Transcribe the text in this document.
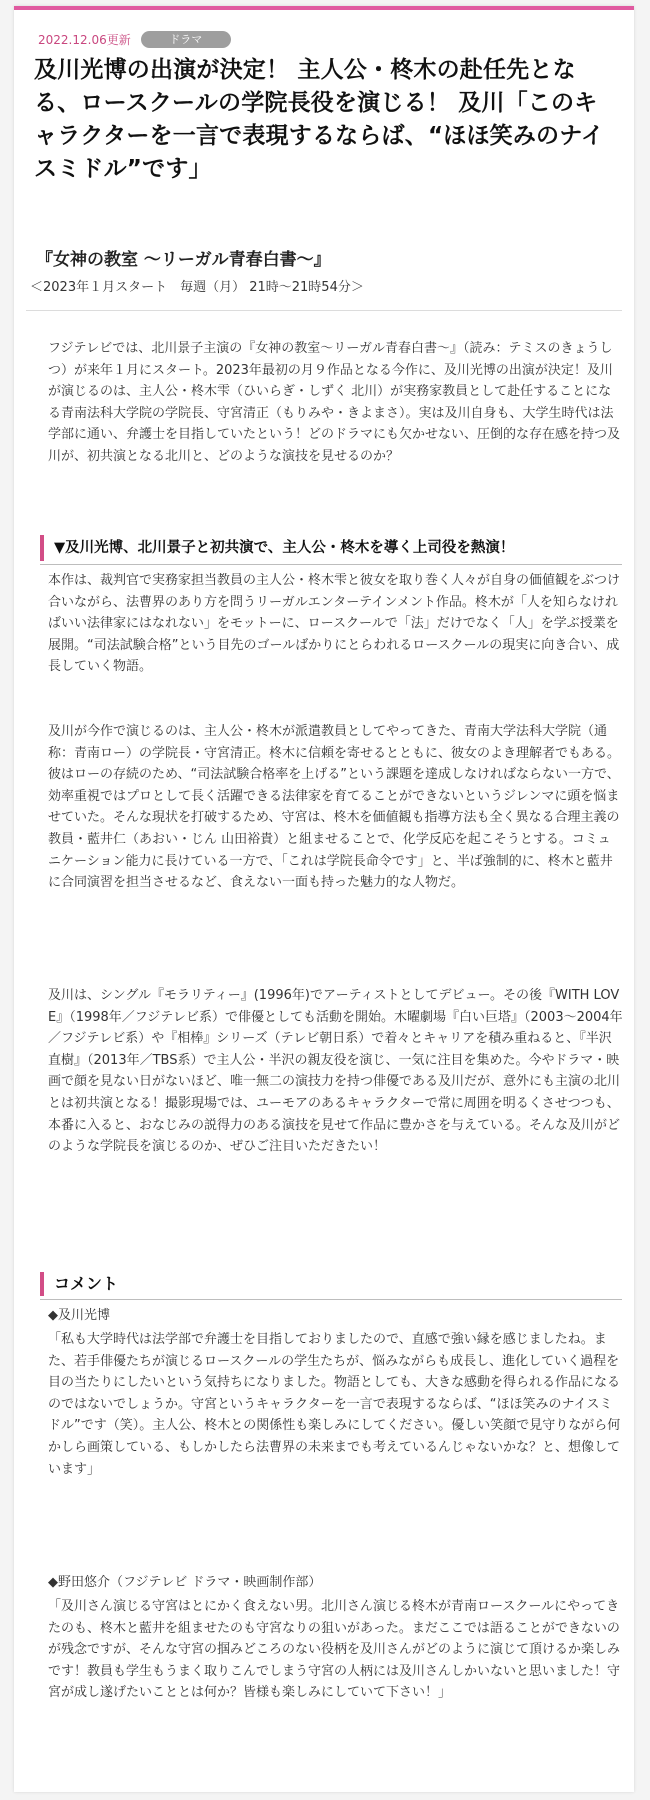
2022.12.06更新	ドラマ
及川光博の出演が決定！ 主人公・柊木の赴任先となる、ロースクールの学院長役を演じる！ 及川「このキャラクターを一言で表現するならば、“ほほ笑みのナイスミドル”です」
『女神の教室 ～リーガル青春白書～』

＜2023年１月スタート　毎週（月） 21時～21時54分＞

フジテレビでは、北川景子主演の『女神の教室～リーガル青春白書～』（読み：テミスのきょうしつ）が来年１月にスタート。2023年最初の月９作品となる今作に、及川光博の出演が決定！及川が演じるのは、主人公・柊木雫（ひいらぎ・しずく 北川）が実務家教員として赴任することになる青南法科大学院の学院長、守宮清正（もりみや・きよまさ）。実は及川自身も、大学生時代は法学部に通い、弁護士を目指していたという！どのドラマにも欠かせない、圧倒的な存在感を持つ及川が、初共演となる北川と、どのような演技を見せるのか？

▼及川光博、北川景子と初共演で、主人公・柊木を導く上司役を熱演！

本作は、裁判官で実務家担当教員の主人公・柊木雫と彼女を取り巻く人々が自身の価値観をぶつけ合いながら、法曹界のあり方を問うリーガルエンターテインメント作品。柊木が「人を知らなければいい法律家にはなれない」をモットーに、ロースクールで「法」だけでなく「人」を学ぶ授業を展開。“司法試験合格”という目先のゴールばかりにとらわれるロースクールの現実に向き合い、成長していく物語。

及川が今作で演じるのは、主人公・柊木が派遣教員としてやってきた、青南大学法科大学院（通称：青南ロー）の学院長・守宮清正。柊木に信頼を寄せるとともに、彼女のよき理解者でもある。彼はローの存続のため、“司法試験合格率を上げる”という課題を達成しなければならない一方で、効率重視ではプロとして長く活躍できる法律家を育てることができないというジレンマに頭を悩ませていた。そんな現状を打破するため、守宮は、柊木を価値観も指導方法も全く異なる合理主義の教員・藍井仁（あおい・じん 山田裕貴）と組ませることで、化学反応を起こそうとする。コミュニケーション能力に長けている一方で、「これは学院長命令です」と、半ば強制的に、柊木と藍井に合同演習を担当させるなど、食えない一面も持った魅力的な人物だ。

及川は、シングル『モラリティー』(1996年)でアーティストとしてデビュー。その後『WITH LOVE』（1998年／フジテレビ系）で俳優としても活動を開始。木曜劇場『白い巨塔』（2003～2004年／フジテレビ系）や『相棒』シリーズ（テレビ朝日系）で着々とキャリアを積み重ねると、『半沢直樹』（2013年／TBS系）で主人公・半沢の親友役を演じ、一気に注目を集めた。今やドラマ・映画で顔を見ない日がないほど、唯一無二の演技力を持つ俳優である及川だが、意外にも主演の北川とは初共演となる！撮影現場では、ユーモアのあるキャラクターで常に周囲を明るくさせつつも、本番に入ると、おなじみの説得力のある演技を見せて作品に豊かさを与えている。そんな及川がどのような学院長を演じるのか、ぜひご注目いただきたい！

コメント

◆及川光博

「私も大学時代は法学部で弁護士を目指しておりましたので、直感で強い縁を感じましたね。また、若手俳優たちが演じるロースクールの学生たちが、悩みながらも成長し、進化していく過程を目の当たりにしたいという気持ちになりました。物語としても、大きな感動を得られる作品になるのではないでしょうか。守宮というキャラクターを一言で表現するならば、“ほほ笑みのナイスミドル”です（笑）。主人公、柊木との関係性も楽しみにしてください。優しい笑顔で見守りながら何かしら画策している、もしかしたら法曹界の未来までも考えているんじゃないかな？と、想像しています」

◆野田悠介（フジテレビ ドラマ・映画制作部）

「及川さん演じる守宮はとにかく食えない男。北川さん演じる柊木が青南ロースクールにやってきたのも、柊木と藍井を組ませたのも守宮なりの狙いがあった。まだここでは語ることができないのが残念ですが、そんな守宮の掴みどころのない役柄を及川さんがどのように演じて頂けるか楽しみです！教員も学生もうまく取りこんでしまう守宮の人柄には及川さんしかいないと思いました！守宮が成し遂げたいこととは何か？皆様も楽しみにしていて下さい！」
